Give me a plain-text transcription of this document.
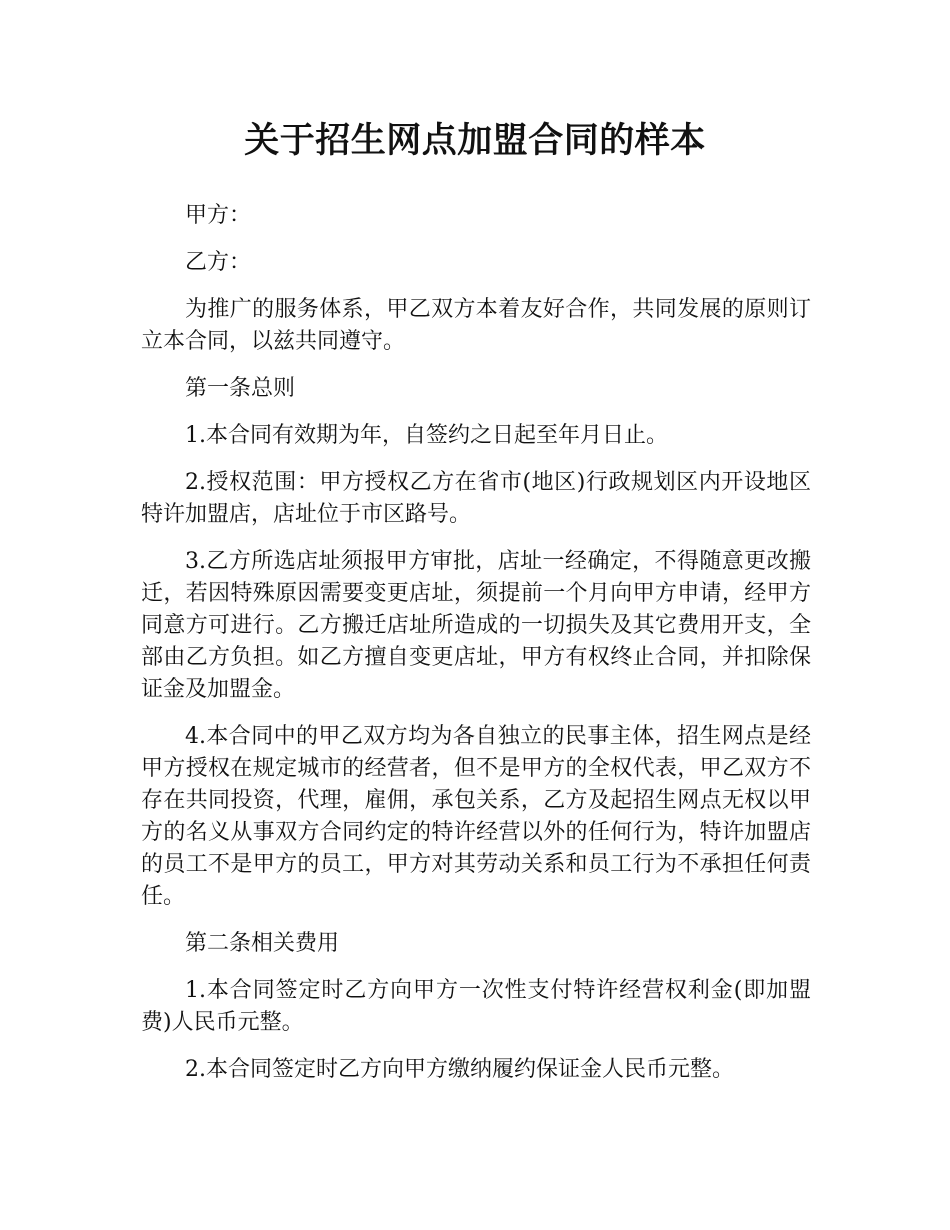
关于招生网点加盟合同的样本

甲方：

乙方：

为推广的服务体系，甲乙双方本着友好合作，共同发展的原则订立本合同，以兹共同遵守。

第一条总则

1.本合同有效期为年，自签约之日起至年月日止。

2.授权范围：甲方授权乙方在省市(地区)行政规划区内开设地区特许加盟店，店址位于市区路号。

3.乙方所选店址须报甲方审批，店址一经确定，不得随意更改搬迁，若因特殊原因需要变更店址，须提前一个月向甲方申请，经甲方同意方可进行。乙方搬迁店址所造成的一切损失及其它费用开支，全部由乙方负担。如乙方擅自变更店址，甲方有权终止合同，并扣除保证金及加盟金。

4.本合同中的甲乙双方均为各自独立的民事主体，招生网点是经甲方授权在规定城市的经营者，但不是甲方的全权代表，甲乙双方不存在共同投资，代理，雇佣，承包关系，乙方及起招生网点无权以甲方的名义从事双方合同约定的特许经营以外的任何行为，特许加盟店的员工不是甲方的员工，甲方对其劳动关系和员工行为不承担任何责任。

第二条相关费用

1.本合同签定时乙方向甲方一次性支付特许经营权利金(即加盟费)人民币元整。

2.本合同签定时乙方向甲方缴纳履约保证金人民币元整。
